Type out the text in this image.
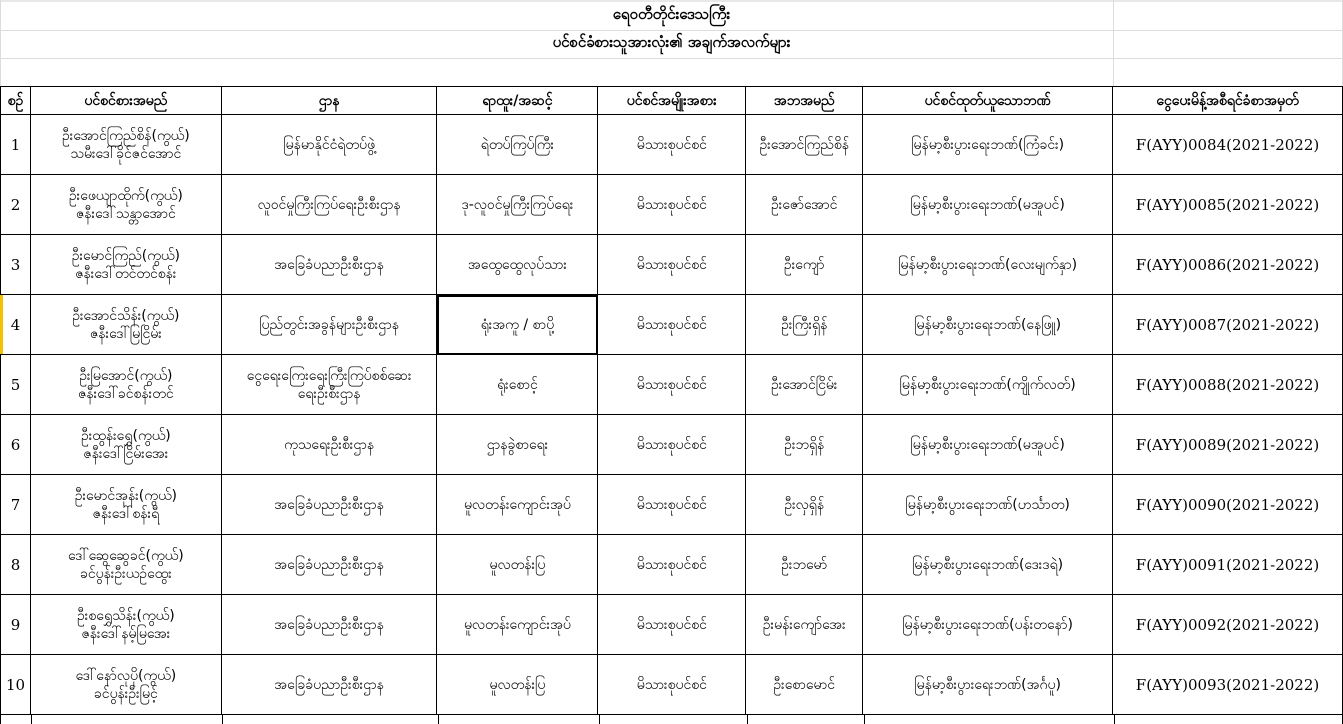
ရေဝတီတိုင်းဒေသကြီး
ပင်စင်ခံစားသူအားလုံး၏ အချက်အလက်များ
စဉ်	ပင်စင်စားအမည်	ဌာန	ရာထူး/အဆင့်	ပင်စင်အမျိုးအစား	အဘအမည်	ပင်စင်ထုတ်ယူသောဘဏ်	ငွေပေးမိန့်အစီရင်ခံစာအမှတ်
1	ဦးအောင်ကြည်စိန်(ကွယ်)
သမီးဒေါ်ခိုင်ဇင်အောင်	မြန်မာနိုင်ငံရဲတပ်ဖွဲ့	ရဲတပ်ကြပ်ကြီး	မိသားစုပင်စင်	ဦးအောင်ကြည်စိန်	မြန်မာ့စီးပွားရေးဘဏ်(ကြံခင်း)	F(AYY)0084(2021-2022)
2	ဦးဖေယျာထိုက်(ကွယ်)
ဇနီးဒေါ်သန္တာအောင်	လူဝင်မှုကြီးကြပ်ရေးဦးစီးဌာန	ဒု-လူဝင်မှုကြီးကြပ်ရေး	မိသားစုပင်စင်	ဦးဇော်အောင်	မြန်မာ့စီးပွားရေးဘဏ်(မအူပင်)	F(AYY)0085(2021-2022)
3	ဦးမောင်ကြည်(ကွယ်)
ဇနီးဒေါ်တင်တင်စန်း	အခြေခံပညာဦးစီးဌာန	အထွေထွေလုပ်သား	မိသားစုပင်စင်	ဦးကျော်	မြန်မာ့စီးပွားရေးဘဏ်(လေးမျက်နှာ)	F(AYY)0086(2021-2022)
4	ဦးအောင်သိန်း(ကွယ်)
ဇနီးဒေါ်မြငြိမ်း	ပြည်တွင်းအခွန်များဦးစီးဌာန	ရုံးအကူ / စာပို့	မိသားစုပင်စင်	ဦးကြီးရှိန်	မြန်မာ့စီးပွားရေးဘဏ်(နေဖြူ)	F(AYY)0087(2021-2022)
5	ဦးမြအောင်(ကွယ်)
ဇနီးဒေါ်ခင်စန်းတင်	ငွေရေးကြေးရေးကြီးကြပ်စစ်ဆေး
ရေးဦးစီးဌာန	ရုံးစောင့်	မိသားစုပင်စင်	ဦးအောင်ငြိမ်း	မြန်မာ့စီးပွားရေးဘဏ်(ကျိုက်လတ်)	F(AYY)0088(2021-2022)
6	ဦးထွန်းရွှေ(ကွယ်)
ဇနီးဒေါ်ငြိမ်းအေး	ကုသရေးဦးစီးဌာန	ဌာနခွဲစာရေး	မိသားစုပင်စင်	ဦးဘရှိန်	မြန်မာ့စီးပွားရေးဘဏ်(မအူပင်)	F(AYY)0089(2021-2022)
7	ဦးမောင်အုန်း(ကွယ်)
ဇနီးဒေါ်စန်းရီ	အခြေခံပညာဦးစီးဌာန	မူလတန်းကျောင်းအုပ်	မိသားစုပင်စင်	ဦးလှရှိန်	မြန်မာ့စီးပွားရေးဘဏ်(ဟင်္သာတ)	F(AYY)0090(2021-2022)
8	ဒေါ်ဆွေဆွေခင်(ကွယ်)
ခင်ပွန်းဦးယဉ်ထွေး	အခြေခံပညာဦးစီးဌာန	မူလတန်းပြ	မိသားစုပင်စင်	ဦးဘမော်	မြန်မာ့စီးပွားရေးဘဏ်(ဒေးဒရဲ)	F(AYY)0091(2021-2022)
9	ဦးစရွှေသိန်း(ကွယ်)
ဇနီးဒေါ်နမ့်မြအေး	အခြေခံပညာဦးစီးဌာန	မူလတန်းကျောင်းအုပ်	မိသားစုပင်စင်	ဦးမန်းကျော်အေး	မြန်မာ့စီးပွားရေးဘဏ်(ပန်းတနော်)	F(AYY)0092(2021-2022)
10	ဒေါ်နော်လုပို(ကွယ်)
ခင်ပွန်းဦးမြင့်	အခြေခံပညာဦးစီးဌာန	မူလတန်းပြ	မိသားစုပင်စင်	ဦးစောမောင်	မြန်မာ့စီးပွားရေးဘဏ်(အင်္ဂပူ)	F(AYY)0093(2021-2022)
